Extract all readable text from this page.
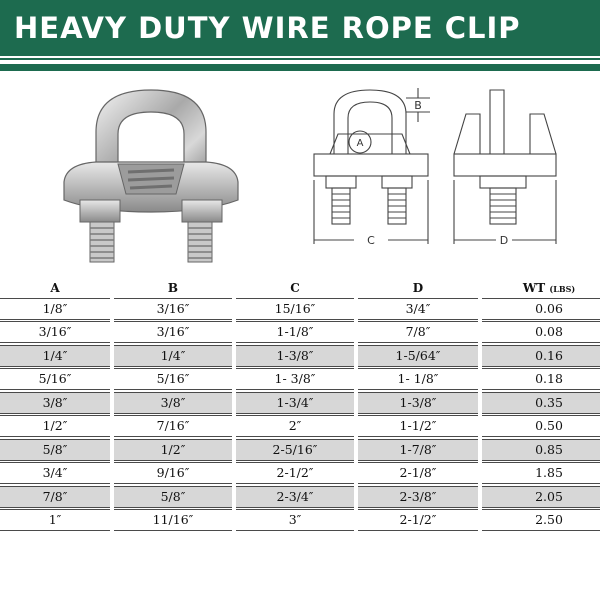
HEAVY DUTY WIRE ROPE CLIP
A
B
C	D
A	B	C	D	WT (LBS)
1/8″	3/16″	15/16″	3/4″	0.06
3/16″	3/16″	1-1/8″	7/8″	0.08
1/4″	1/4″	1-3/8″	1-5/64″	0.16
5/16″	5/16″	1- 3/8″	1- 1/8″	0.18
3/8″	3/8″	1-3/4″	1-3/8″	0.35
1/2″	7/16″	2″	1-1/2″	0.50
5/8″	1/2″	2-5/16″	1-7/8″	0.85
3/4″	9/16″	2-1/2″	2-1/8″	1.85
7/8″	5/8″	2-3/4″	2-3/8″	2.05
1″	11/16″	3″	2-1/2″	2.50
